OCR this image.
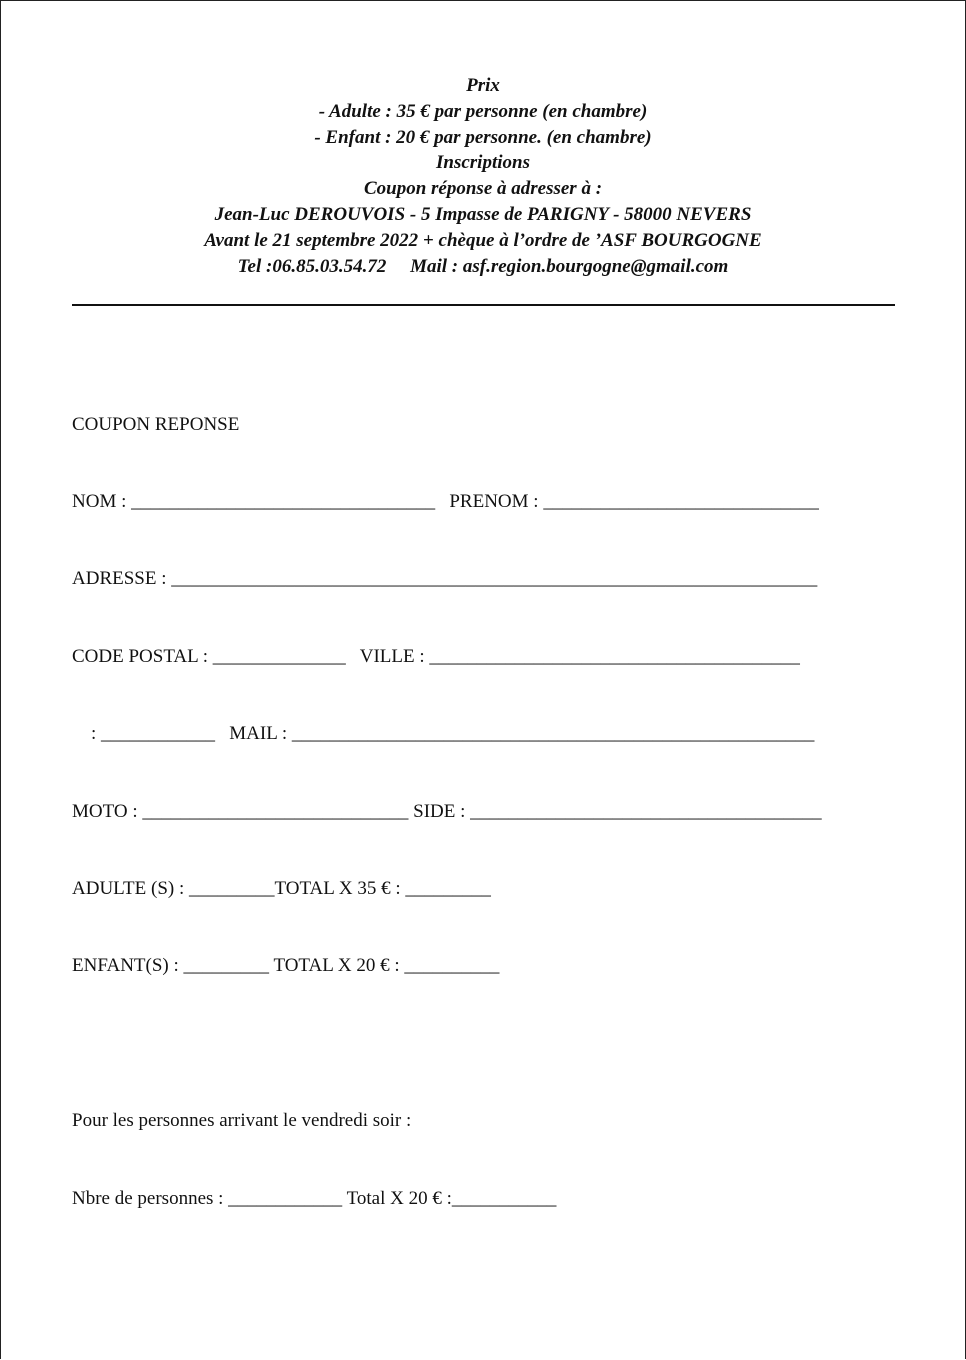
Prix
- Adulte : 35 € par personne (en chambre)
- Enfant : 20 € par personne. (en chambre)
Inscriptions
Coupon réponse à adresser à :
Jean-Luc DEROUVOIS - 5 Impasse de PARIGNY - 58000 NEVERS
Avant le 21 septembre 2022 + chèque à l’ordre de ’ASF BOURGOGNE
Tel :06.85.03.54.72     Mail : asf.region.bourgogne@gmail.com

COUPON REPONSE

NOM : ________________________________   PRENOM : _____________________________

ADRESSE : ____________________________________________________________________

CODE POSTAL : ______________   VILLE : _______________________________________

: ____________   MAIL : _______________________________________________________

MOTO : ____________________________ SIDE : _____________________________________

ADULTE (S) : _________TOTAL X 35 € : _________

ENFANT(S) : _________ TOTAL X 20 € : __________

Pour les personnes arrivant le vendredi soir :

Nbre de personnes : ____________ Total X 20 € :___________
